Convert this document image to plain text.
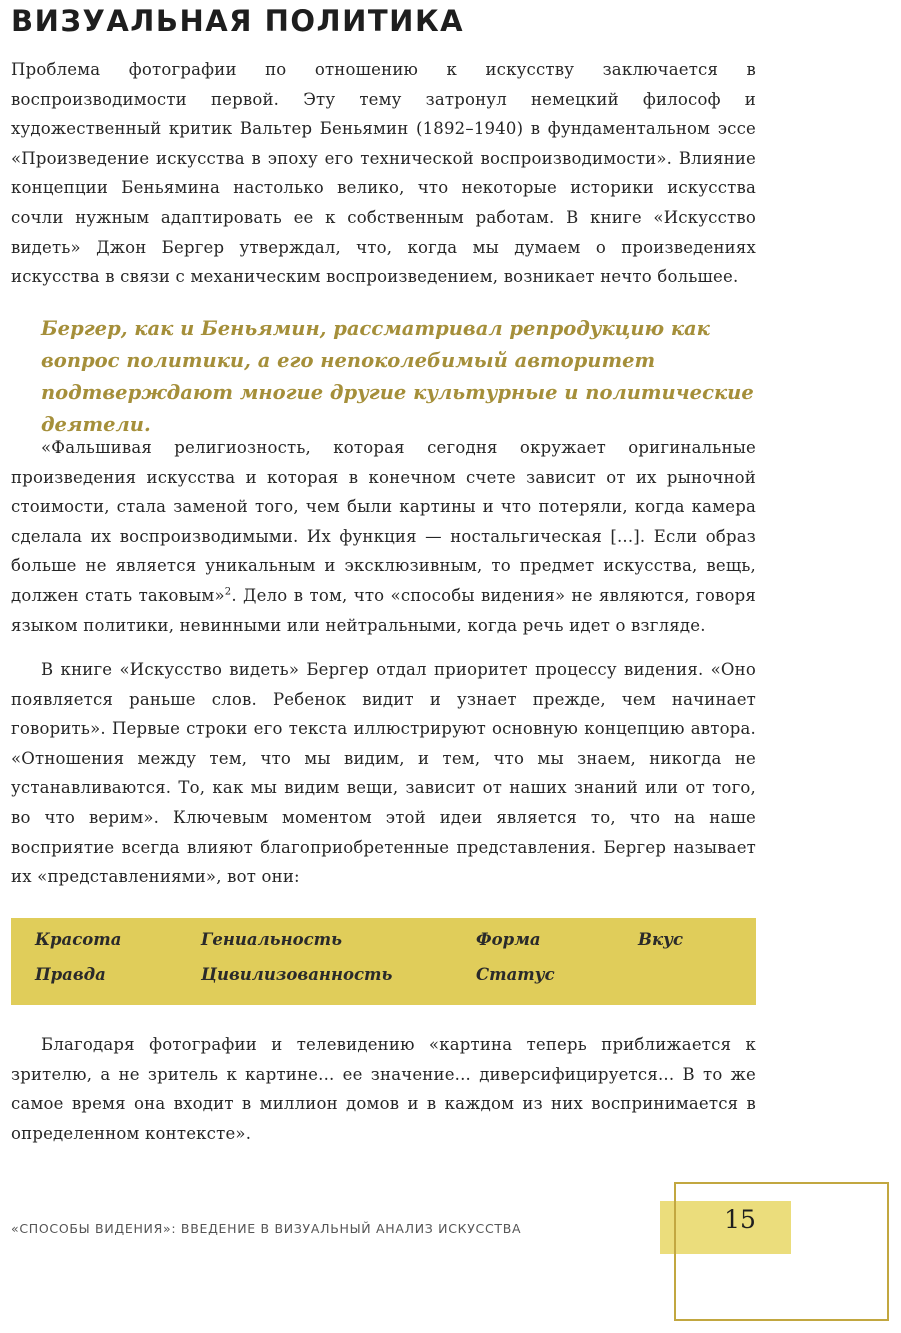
ВИЗУАЛЬНАЯ ПОЛИТИКА

Проблема фотографии по отношению к искусству заключается в воспроизводимости первой. Эту тему затронул немецкий философ и художественный критик Вальтер Беньямин (1892–1940) в фундаментальном эссе «Произведение искусства в эпоху его технической воспроизводимости». Влияние концепции Беньямина настолько велико, что некоторые историки искусства сочли нужным адаптировать ее к собственным работам. В книге «Искусство видеть» Джон Бергер утверждал, что, когда мы думаем о произведениях искусства в связи с механическим воспроизведением, возникает нечто большее.

Бергер, как и Беньямин, рассматривал репродукцию как вопрос политики, а его непоколебимый авторитет подтверждают многие другие культурные и политические деятели.

«Фальшивая религиозность, которая сегодня окружает оригинальные произведения искусства и которая в конечном счете зависит от их рыночной стоимости, стала заменой того, чем были картины и что потеряли, когда камера сделала их воспроизводимыми. Их функция — ностальгическая [...]. Если образ больше не является уникальным и эксклюзивным, то предмет искусства, вещь, должен стать таковым»$^2$. Дело в том, что «способы видения» не являются, говоря языком политики, невинными или нейтральными, когда речь идет о взгляде.

В книге «Искусство видеть» Бергер отдал приоритет процессу видения. «Оно появляется раньше слов. Ребенок видит и узнает прежде, чем начинает говорить». Первые строки его текста иллюстрируют основную концепцию автора. «Отношения между тем, что мы видим, и тем, что мы знаем, никогда не устанавливаются. То, как мы видим вещи, зависит от наших знаний или от того, во что верим». Ключевым моментом этой идеи является то, что на наше восприятие всегда влияют благоприобретенные представления. Бергер называет их «представлениями», вот они:

Красота	Гениальность	Форма	Вкус
Правда	Цивилизованность	Статус

Благодаря фотографии и телевидению «картина теперь приближается к зрителю, а не зритель к картине... ее значение... диверсифицируется... В то же самое время она входит в миллион домов и в каждом из них воспринимается в определенном контексте».

«СПОСОБЫ ВИДЕНИЯ»: ВВЕДЕНИЕ В ВИЗУАЛЬНЫЙ АНАЛИЗ ИСКУССТВА	15
